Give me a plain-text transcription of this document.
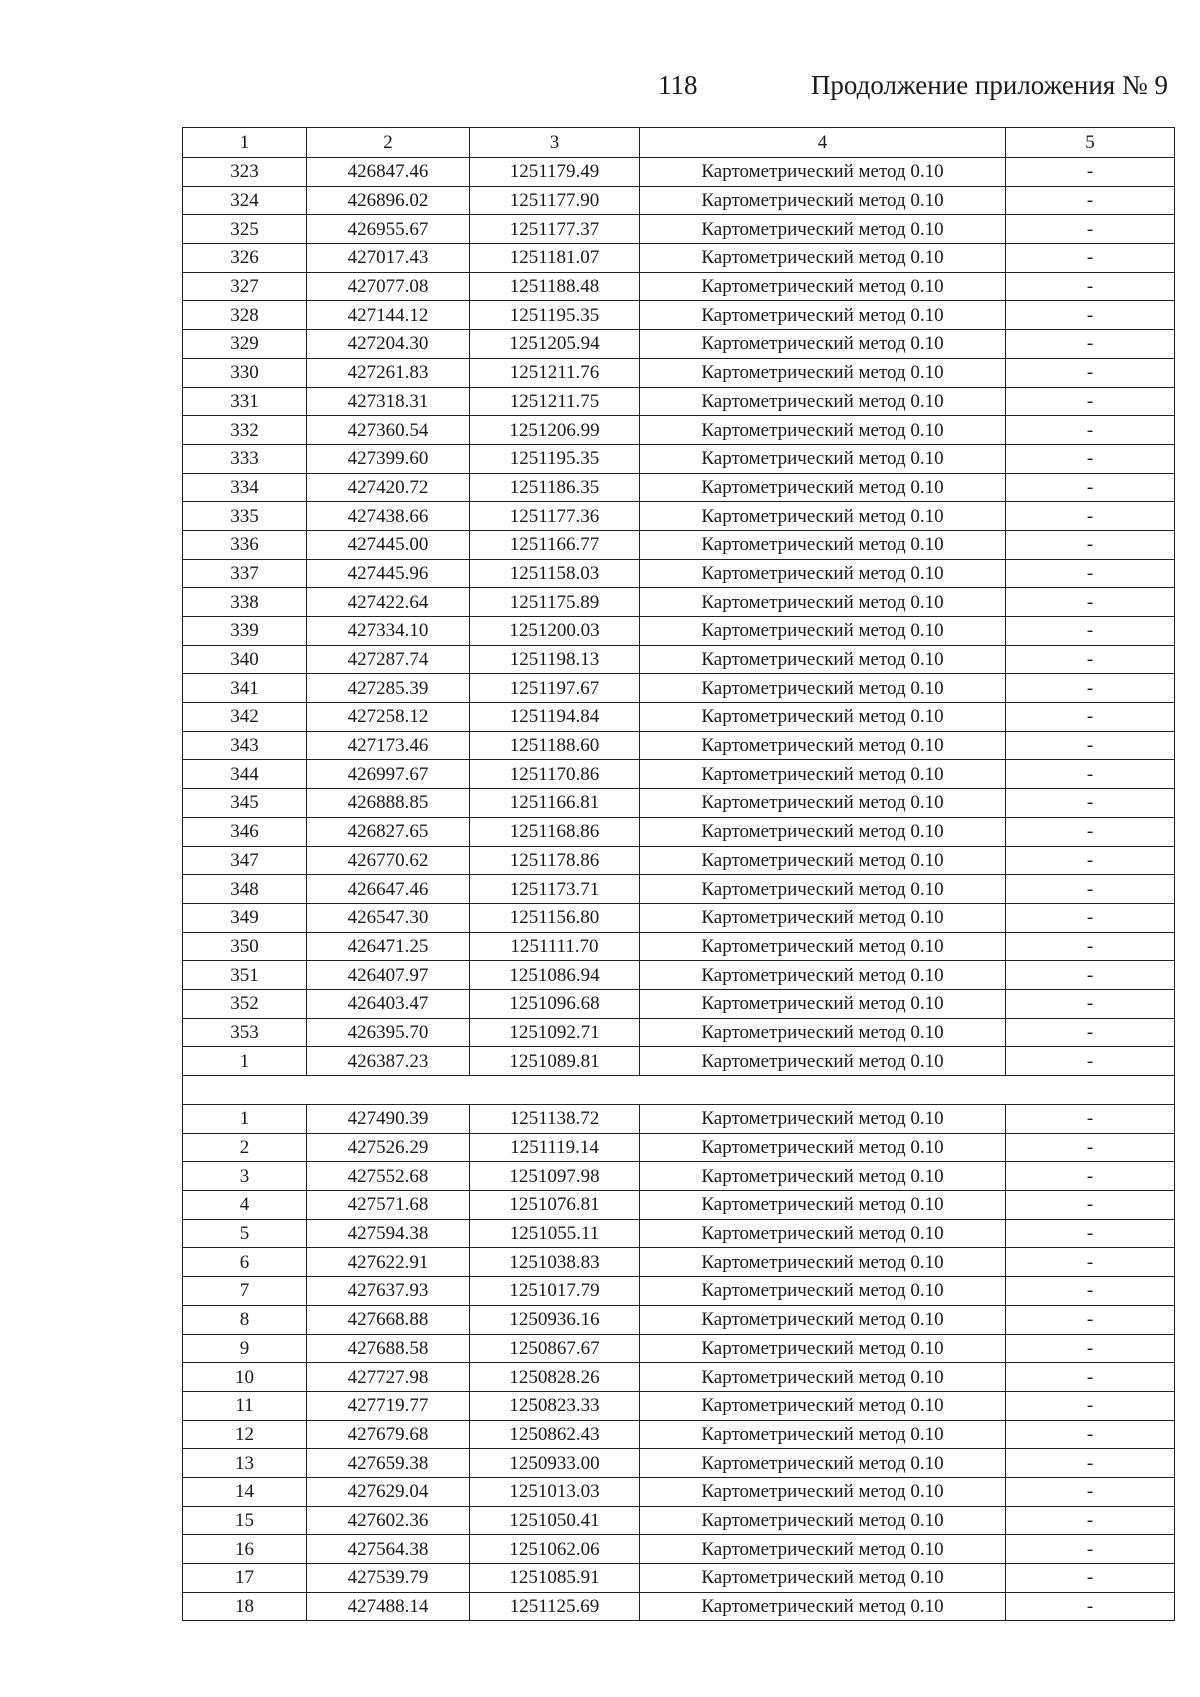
118	Продолжение приложения № 9
1	2	3	4	5
323	426847.46	1251179.49	Картометрический метод 0.10	-
324	426896.02	1251177.90	Картометрический метод 0.10	-
325	426955.67	1251177.37	Картометрический метод 0.10	-
326	427017.43	1251181.07	Картометрический метод 0.10	-
327	427077.08	1251188.48	Картометрический метод 0.10	-
328	427144.12	1251195.35	Картометрический метод 0.10	-
329	427204.30	1251205.94	Картометрический метод 0.10	-
330	427261.83	1251211.76	Картометрический метод 0.10	-
331	427318.31	1251211.75	Картометрический метод 0.10	-
332	427360.54	1251206.99	Картометрический метод 0.10	-
333	427399.60	1251195.35	Картометрический метод 0.10	-
334	427420.72	1251186.35	Картометрический метод 0.10	-
335	427438.66	1251177.36	Картометрический метод 0.10	-
336	427445.00	1251166.77	Картометрический метод 0.10	-
337	427445.96	1251158.03	Картометрический метод 0.10	-
338	427422.64	1251175.89	Картометрический метод 0.10	-
339	427334.10	1251200.03	Картометрический метод 0.10	-
340	427287.74	1251198.13	Картометрический метод 0.10	-
341	427285.39	1251197.67	Картометрический метод 0.10	-
342	427258.12	1251194.84	Картометрический метод 0.10	-
343	427173.46	1251188.60	Картометрический метод 0.10	-
344	426997.67	1251170.86	Картометрический метод 0.10	-
345	426888.85	1251166.81	Картометрический метод 0.10	-
346	426827.65	1251168.86	Картометрический метод 0.10	-
347	426770.62	1251178.86	Картометрический метод 0.10	-
348	426647.46	1251173.71	Картометрический метод 0.10	-
349	426547.30	1251156.80	Картометрический метод 0.10	-
350	426471.25	1251111.70	Картометрический метод 0.10	-
351	426407.97	1251086.94	Картометрический метод 0.10	-
352	426403.47	1251096.68	Картометрический метод 0.10	-
353	426395.70	1251092.71	Картометрический метод 0.10	-
1	426387.23	1251089.81	Картометрический метод 0.10	-

1	427490.39	1251138.72	Картометрический метод 0.10	-
2	427526.29	1251119.14	Картометрический метод 0.10	-
3	427552.68	1251097.98	Картометрический метод 0.10	-
4	427571.68	1251076.81	Картометрический метод 0.10	-
5	427594.38	1251055.11	Картометрический метод 0.10	-
6	427622.91	1251038.83	Картометрический метод 0.10	-
7	427637.93	1251017.79	Картометрический метод 0.10	-
8	427668.88	1250936.16	Картометрический метод 0.10	-
9	427688.58	1250867.67	Картометрический метод 0.10	-
10	427727.98	1250828.26	Картометрический метод 0.10	-
11	427719.77	1250823.33	Картометрический метод 0.10	-
12	427679.68	1250862.43	Картометрический метод 0.10	-
13	427659.38	1250933.00	Картометрический метод 0.10	-
14	427629.04	1251013.03	Картометрический метод 0.10	-
15	427602.36	1251050.41	Картометрический метод 0.10	-
16	427564.38	1251062.06	Картометрический метод 0.10	-
17	427539.79	1251085.91	Картометрический метод 0.10	-
18	427488.14	1251125.69	Картометрический метод 0.10	-
